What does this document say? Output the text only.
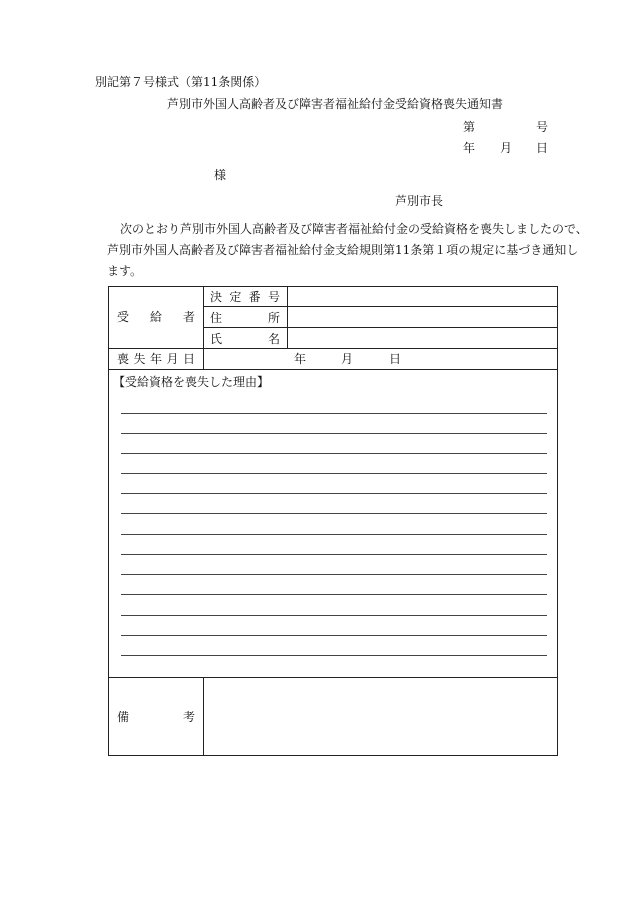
別記第７号様式（第11条関係）
芦別市外国人高齢者及び障害者福祉給付金受給資格喪失通知書
第	号
年 月 日
様
芦別市長
次のとおり芦別市外国人高齢者及び障害者福祉給付金の受給資格を喪失しましたので、
芦別市外国人高齢者及び障害者福祉給付金支給規則第11条第１項の規定に基づき通知し
ます。
受 給 者
決 定 番 号
住	所
氏	名
喪 失 年 月 日	年	月	日
【受給資格を喪失した理由】
備	考
